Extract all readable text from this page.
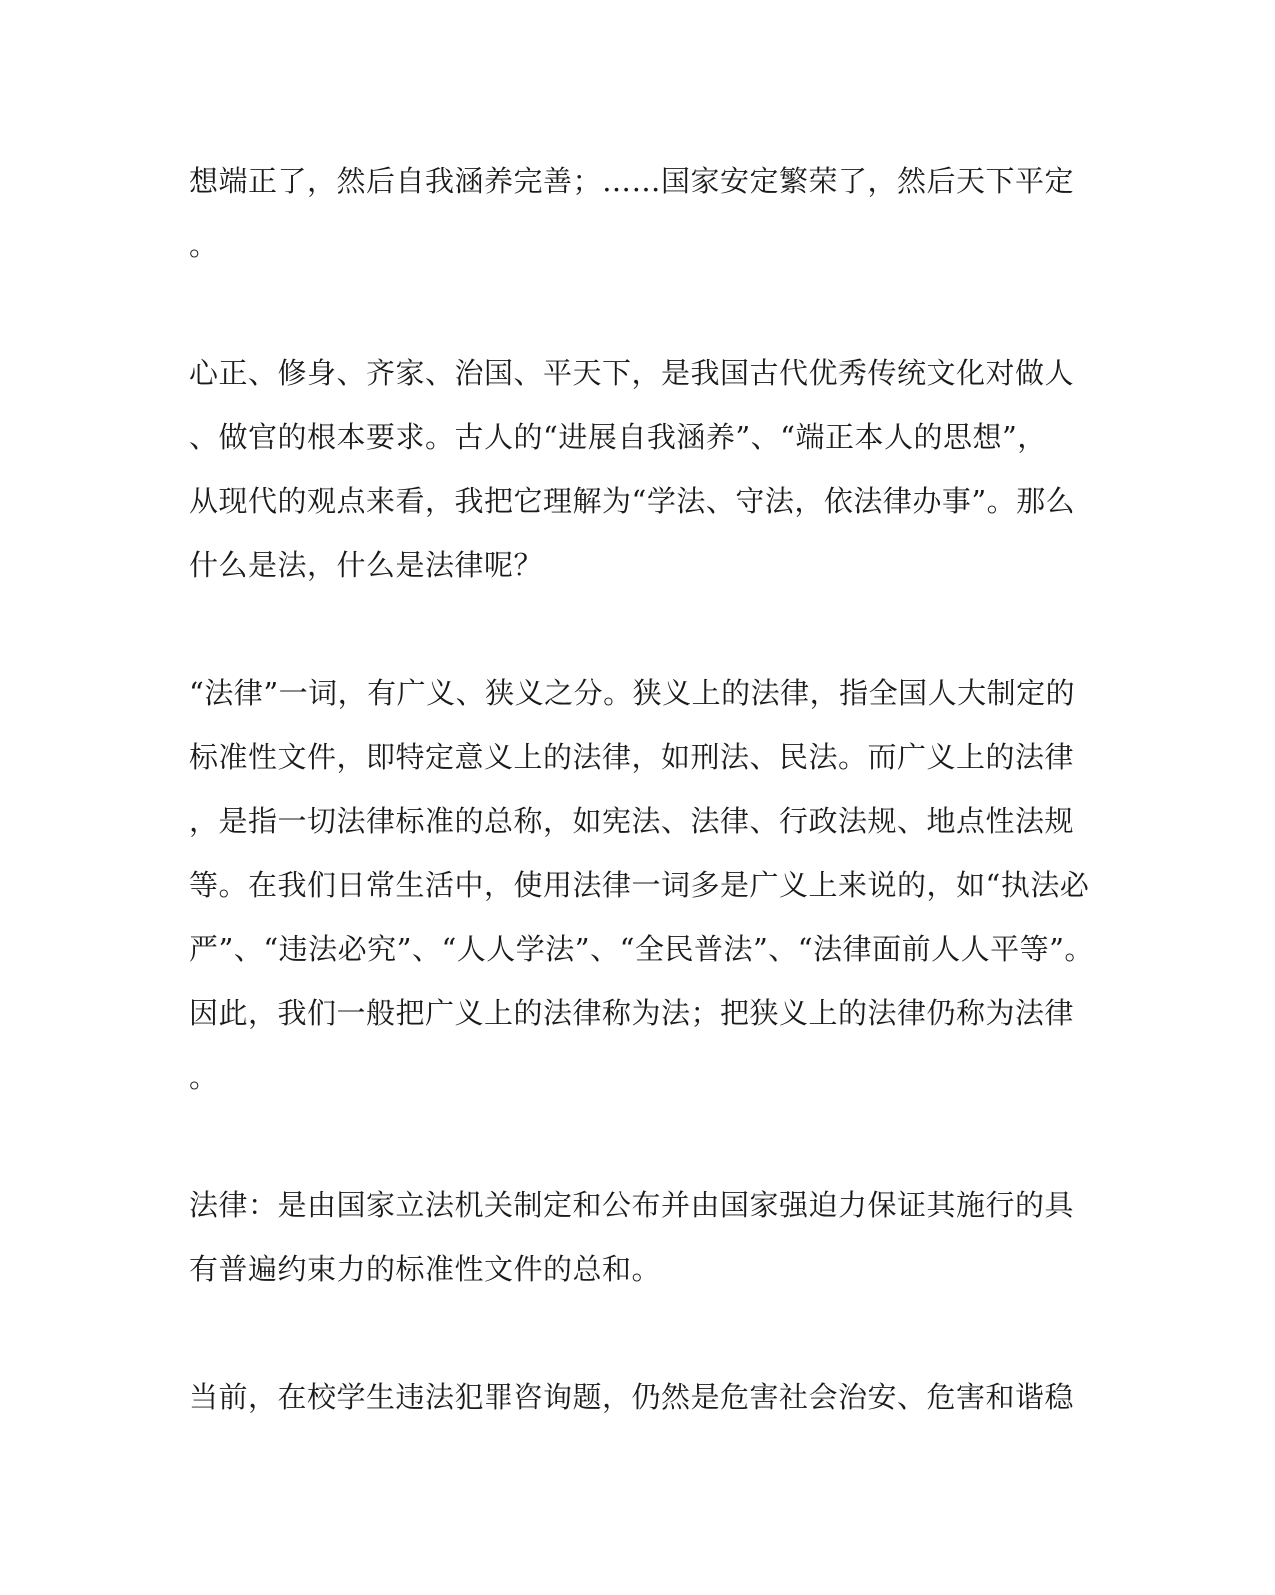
想端正了，然后自我涵养完善；……国家安定繁荣了，然后天下平定
。
心正、修身、齐家、治国、平天下，是我国古代优秀传统文化对做人
、做官的根本要求。古人的“进展自我涵养”、“端正本人的思想”，
从现代的观点来看，我把它理解为“学法、守法，依法律办事”。那么
什么是法，什么是法律呢？
“法律”一词，有广义、狭义之分。狭义上的法律，指全国人大制定的
标准性文件，即特定意义上的法律，如刑法、民法。而广义上的法律
，是指一切法律标准的总称，如宪法、法律、行政法规、地点性法规
等。在我们日常生活中，使用法律一词多是广义上来说的，如“执法必
严”、“违法必究”、“人人学法”、“全民普法”、“法律面前人人平等”。
因此，我们一般把广义上的法律称为法；把狭义上的法律仍称为法律
。
法律：是由国家立法机关制定和公布并由国家强迫力保证其施行的具
有普遍约束力的标准性文件的总和。
当前，在校学生违法犯罪咨询题，仍然是危害社会治安、危害和谐稳
